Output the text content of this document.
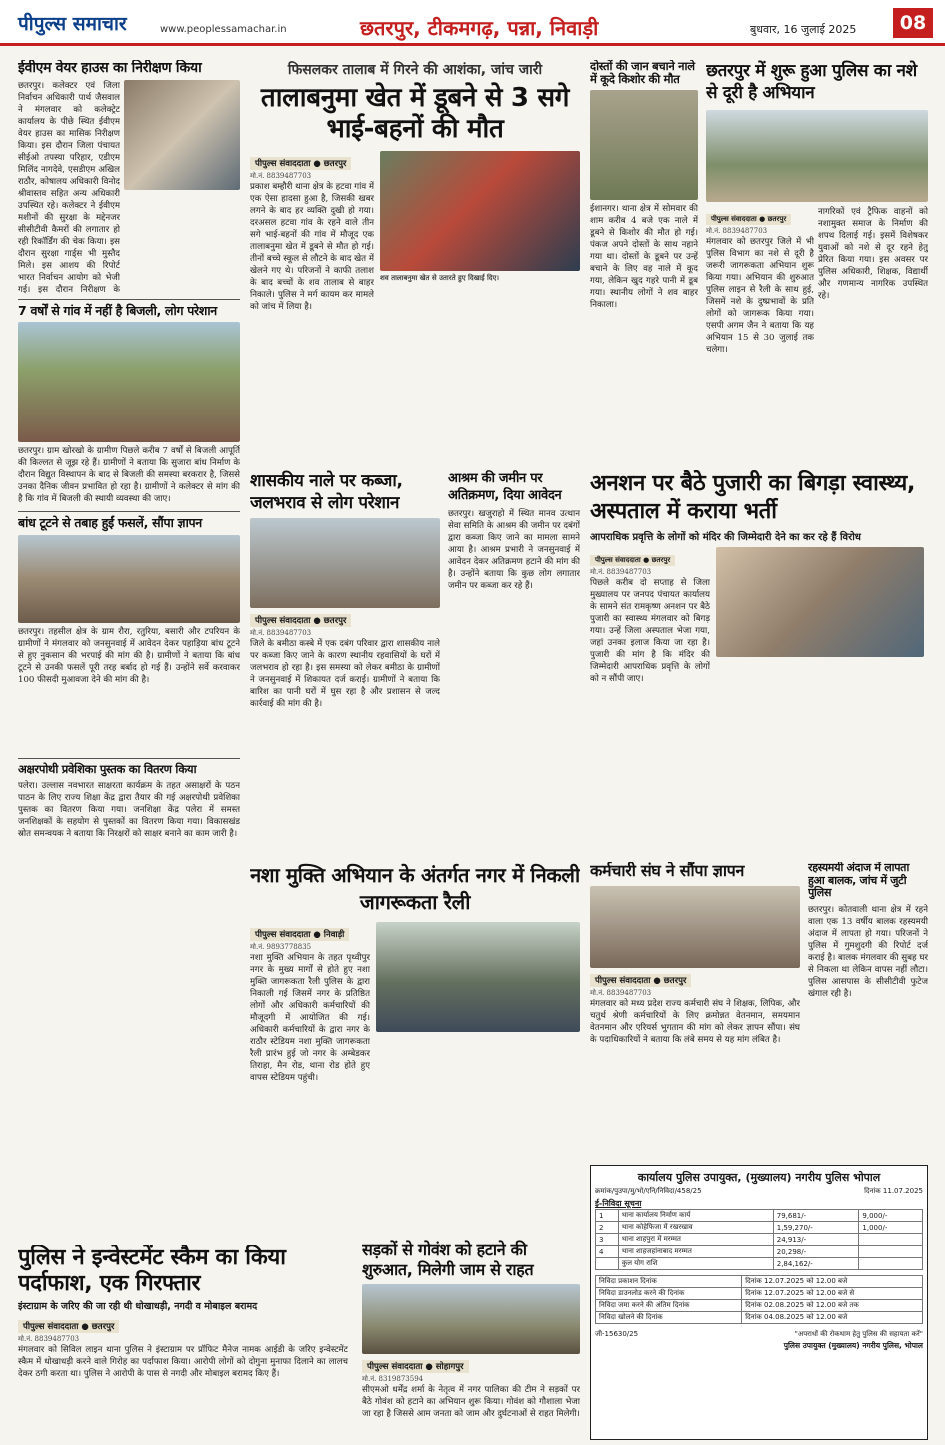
पीपुल्स समाचार	www.peoplessamachar.in	छतरपुर, टीकमगढ़, पन्ना, निवाड़ी	बुधवार, 16 जुलाई 2025	08
ईवीएम वेयर हाउस का निरीक्षण किया
छतरपुर। कलेक्टर एवं जिला निर्वाचन अधिकारी पार्थ जैसवाल ने मंगलवार को कलेक्ट्रेट कार्यालय के पीछे स्थित ईवीएम वेयर हाउस का मासिक निरीक्षण किया। इस दौरान जिला पंचायत सीईओ तपस्या परिहार, एडीएम मिलिंद नागदेवे, एसडीएम अखिल राठौर, कोषालय अधिकारी विनोद श्रीवास्तव सहित अन्य अधिकारी उपस्थित रहे। कलेक्टर ने ईवीएम मशीनों की सुरक्षा के मद्देनजर सीसीटीवी कैमरों की लगातार हो रही रिकॉर्डिंग की चेक किया। इस दौरान सुरक्षा गार्ड्स भी मुस्तैद मिले। इस आशय की रिपोर्ट भारत निर्वाचन आयोग को भेजी गई। इस दौरान निरीक्षण के
7 वर्षों से गांव में नहीं है बिजली, लोग परेशान
छतरपुर। ग्राम खोरखो के ग्रामीण पिछले करीब 7 वर्षों से बिजली आपूर्ति की किल्लत से जूझ रहे हैं। ग्रामीणों ने बताया कि सुजारा बांध निर्माण के दौरान विद्युत विस्थापन के बाद से बिजली की समस्या बरकरार है, जिससे उनका दैनिक जीवन प्रभावित हो रहा है। ग्रामीणों ने कलेक्टर से मांग की है कि गांव में बिजली की स्थायी व्यवस्था की जाए।
बांध टूटने से तबाह हुईं फसलें, सौंपा ज्ञापन
छतरपुर। तहसील क्षेत्र के ग्राम रौरा, रतुरिया, बसारी और टपरियन के ग्रामीणों ने मंगलवार को जनसुनवाई में आवेदन देकर पहाड़िया बांध टूटने से हुए नुकसान की भरपाई की मांग की है। ग्रामीणों ने बताया कि बांध टूटने से उनकी फसलें पूरी तरह बर्बाद हो गई हैं। उन्होंने सर्वे करवाकर 100 फीसदी मुआवजा देने की मांग की है।
अक्षरपोथी प्रवेशिका पुस्तक का वितरण किया
पलेरा। उल्लास नवभारत साक्षरता कार्यक्रम के तहत असाक्षरों के पठन पाठन के लिए राज्य शिक्षा केंद्र द्वारा तैयार की गई अक्षरपोथी प्रवेशिका पुस्तक का वितरण किया गया। जनशिक्षा केंद्र पलेरा में समस्त जनशिक्षकों के सहयोग से पुस्तकों का वितरण किया गया। विकासखंड स्रोत समन्वयक ने बताया कि निरक्षरों को साक्षर बनाने का काम जारी है।
पुलिस ने इन्वेस्टमेंट स्कैम का किया पर्दाफाश, एक गिरफ्तार
इंस्टाग्राम के जरिए की जा रही थी धोखाधड़ी, नगदी व मोबाइल बरामद
पीपुल्स संवाददाता ● छतरपुर
मो.नं. 8839487703
मंगलवार को सिविल लाइन थाना पुलिस ने इंस्टाग्राम पर प्रॉफिट मैनेज नामक आईडी के जरिए इन्वेस्टमेंट स्कैम में धोखाधड़ी करने वाले गिरोह का पर्दाफाश किया। आरोपी लोगों को दोगुना मुनाफा दिलाने का लालच देकर ठगी करता था। पुलिस ने आरोपी के पास से नगदी और मोबाइल बरामद किए हैं।
फिसलकर तालाब में गिरने की आशंका, जांच जारी
तालाबनुमा खेत में डूबने से 3 सगे भाई-बहनों की मौत
पीपुल्स संवाददाता ● छतरपुर
मो.नं. 8839487703
प्रकाश बम्हौरी थाना क्षेत्र के हटवा गांव में एक ऐसा हादसा हुआ है, जिसकी खबर लगने के बाद हर व्यक्ति दुखी हो गया। दरअसल हटवा गांव के रहने वाले तीन सगे भाई-बहनों की गांव में मौजूद एक तालाबनुमा खेत में डूबने से मौत हो गई। तीनों बच्चे स्कूल से लौटने के बाद खेत में खेलने गए थे। परिजनों ने काफी तलाश के बाद बच्चों के शव तालाब से बाहर निकाले। पुलिस ने मर्ग कायम कर मामले को जांच में लिया है।
शव तालाबनुमा खेत से उतारते हुए दिखाई दिए।
दोस्तों की जान बचाने नाले में कूदे किशोर की मौत
ईशानगर। थाना क्षेत्र में सोमवार की शाम करीब 4 बजे एक नाले में डूबने से किशोर की मौत हो गई। पंकज अपने दोस्तों के साथ नहाने गया था। दोस्तों के डूबने पर उन्हें बचाने के लिए वह नाले में कूद गया, लेकिन खुद गहरे पानी में डूब गया। स्थानीय लोगों ने शव बाहर निकाला।
छतरपुर में शुरू हुआ पुलिस का नशे से दूरी है अभियान
पीपुल्स संवाददाता ● छतरपुर
मो.नं. 8839487703
मंगलवार को छतरपुर जिले में भी पुलिस विभाग का नशे से दूरी है जरूरी जागरूकता अभियान शुरू किया गया। अभियान की शुरुआत पुलिस लाइन से रैली के साथ हुई, जिसमें नशे के दुष्प्रभावों के प्रति लोगों को जागरूक किया गया। एसपी अगम जैन ने बताया कि यह अभियान 15 से 30 जुलाई तक चलेगा।
नागरिकों एवं ट्रैफिक वाहनों को नशामुक्त समाज के निर्माण की शपथ दिलाई गई। इसमें विशेषकर युवाओं को नशे से दूर रहने हेतु प्रेरित किया गया। इस अवसर पर पुलिस अधिकारी, शिक्षक, विद्यार्थी और गणमान्य नागरिक उपस्थित रहे।
शासकीय नाले पर कब्जा, जलभराव से लोग परेशान
पीपुल्स संवाददाता ● छतरपुर
मो.नं. 8839487703
जिले के बमीठा कस्बे में एक दबंग परिवार द्वारा शासकीय नाले पर कब्जा किए जाने के कारण स्थानीय रहवासियों के घरों में जलभराव हो रहा है। इस समस्या को लेकर बमीठा के ग्रामीणों ने जनसुनवाई में शिकायत दर्ज कराई। ग्रामीणों ने बताया कि बारिश का पानी घरों में घुस रहा है और प्रशासन से जल्द कार्रवाई की मांग की है।
आश्रम की जमीन पर अतिक्रमण, दिया आवेदन
छतरपुर। खजुराहो में स्थित मानव उत्थान सेवा समिति के आश्रम की जमीन पर दबंगों द्वारा कब्जा किए जाने का मामला सामने आया है। आश्रम प्रभारी ने जनसुनवाई में आवेदन देकर अतिक्रमण हटाने की मांग की है। उन्होंने बताया कि कुछ लोग लगातार जमीन पर कब्जा कर रहे हैं।
अनशन पर बैठे पुजारी का बिगड़ा स्वास्थ्य, अस्पताल में कराया भर्ती
आपराधिक प्रवृत्ति के लोगों को मंदिर की जिम्मेदारी देने का कर रहे हैं विरोध
पीपुल्स संवाददाता ● छतरपुर
मो.नं. 8839487703
पिछले करीब दो सप्ताह से जिला मुख्यालय पर जनपद पंचायत कार्यालय के सामने संत रामकृष्ण अनशन पर बैठे पुजारी का स्वास्थ्य मंगलवार को बिगड़ गया। उन्हें जिला अस्पताल भेजा गया, जहां उनका इलाज किया जा रहा है। पुजारी की मांग है कि मंदिर की जिम्मेदारी आपराधिक प्रवृत्ति के लोगों को न सौंपी जाए।
नशा मुक्ति अभियान के अंतर्गत नगर में निकली जागरूकता रैली
पीपुल्स संवाददाता ● निवाड़ी
मो.नं. 9893778835
नशा मुक्ति अभियान के तहत पृथ्वीपुर नगर के मुख्य मार्गों से होते हुए नशा मुक्ति जागरूकता रैली पुलिस के द्वारा निकाली गई जिसमें नगर के प्रतिष्ठित लोगों और अधिकारी कर्मचारियों की मौजूदगी में आयोजित की गई। अधिकारी कर्मचारियों के द्वारा नगर के राठौर स्टेडियम नशा मुक्ति जागरूकता रैली प्रारंभ हुई जो नगर के अम्बेडकर तिराहा, मैन रोड, थाना रोड होते हुए वापस स्टेडियम पहुंची।
कर्मचारी संघ ने सौंपा ज्ञापन
पीपुल्स संवाददाता ● छतरपुर
मो.नं. 8839487703
मंगलवार को मध्य प्रदेश राज्य कर्मचारी संघ ने शिक्षक, लिपिक, और चतुर्थ श्रेणी कर्मचारियों के लिए क्रमोन्नत वेतनमान, समयमान वेतनमान और एरियर्स भुगतान की मांग को लेकर ज्ञापन सौंपा। संघ के पदाधिकारियों ने बताया कि लंबे समय से यह मांग लंबित है।
रहस्यमयी अंदाज में लापता हुआ बालक, जांच में जुटी पुलिस
छतरपुर। कोतवाली थाना क्षेत्र में रहने वाला एक 13 वर्षीय बालक रहस्यमयी अंदाज में लापता हो गया। परिजनों ने पुलिस में गुमशुदगी की रिपोर्ट दर्ज कराई है। बालक मंगलवार की सुबह घर से निकला था लेकिन वापस नहीं लौटा। पुलिस आसपास के सीसीटीवी फुटेज खंगाल रही है।
सड़कों से गोवंश को हटाने की शुरुआत, मिलेगी जाम से राहत
पीपुल्स संवाददाता ● सोहागपुर
मो.नं. 8319873594
सीएमओ धर्मेंद्र शर्मा के नेतृत्व में नगर पालिका की टीम ने सड़कों पर बैठे गोवंश को हटाने का अभियान शुरू किया। गोवंश को गौशाला भेजा जा रहा है जिससे आम जनता को जाम और दुर्घटनाओं से राहत मिलेगी।
कार्यालय पुलिस उपायुक्त, (मुख्यालय) नगरीय पुलिस भोपाल
क्रमांक/पुउपा/मु/भो/एनि/निविदा/458/25	दिनांक 11.07.2025
ई-निविदा सूचना
1	थाना कार्यालय निर्माण कार्य	79,681/-	9,000/-
2	थाना कोहेफिजा में रखरखाव	1,59,270/-	1,000/-
3	थाना शाहपुरा में मरम्मत	24,913/-	
4	थाना शाहजहांनाबाद मरम्मत	20,298/-	
	कुल योग राशि	2,84,162/-	
निविदा प्रकाशन दिनांक	दिनांक 12.07.2025 को 12.00 बजे
निविदा डाउनलोड करने की दिनांक	दिनांक 12.07.2025 को 12.00 बजे से
निविदा जमा करने की अंतिम दिनांक	दिनांक 02.08.2025 को 12.00 बजे तक
निविदा खोलने की दिनांक	दिनांक 04.08.2025 को 12.00 बजे
जी-15630/25	"अपराधों की रोकथाम हेतु पुलिस की सहायता करें"
पुलिस उपायुक्त (मुख्यालय) नगरीय पुलिस, भोपाल
